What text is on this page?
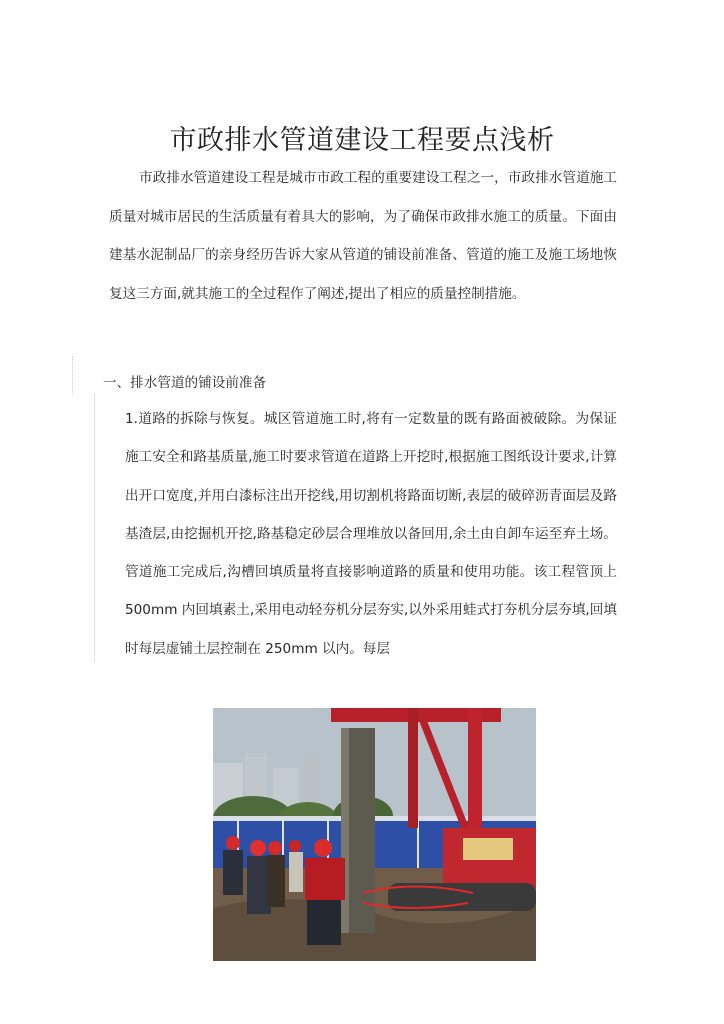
市政排水管道建设工程要点浅析

市政排水管道建设工程是城市市政工程的重要建设工程之一，市政排水管道施工质量对城市居民的生活质量有着具大的影响，为了确保市政排水施工的质量。下面由建基水泥制品厂的亲身经历告诉大家从管道的铺设前准备、管道的施工及施工场地恢复这三方面,就其施工的全过程作了阐述,提出了相应的质量控制措施。

一、排水管道的铺设前准备

1.道路的拆除与恢复。城区管道施工时,将有一定数量的既有路面被破除。为保证施工安全和路基质量,施工时要求管道在道路上开挖时,根据施工图纸设计要求,计算出开口宽度,并用白漆标注出开挖线,用切割机将路面切断,表层的破碎沥青面层及路基渣层,由挖掘机开挖,路基稳定砂层合理堆放以备回用,余土由自卸车运至弃土场。管道施工完成后,沟槽回填质量将直接影响道路的质量和使用功能。该工程管顶上 500mm 内回填素土,采用电动轻夯机分层夯实,以外采用蛙式打夯机分层夯填,回填时每层虚铺土层控制在 250mm 以内。每层
